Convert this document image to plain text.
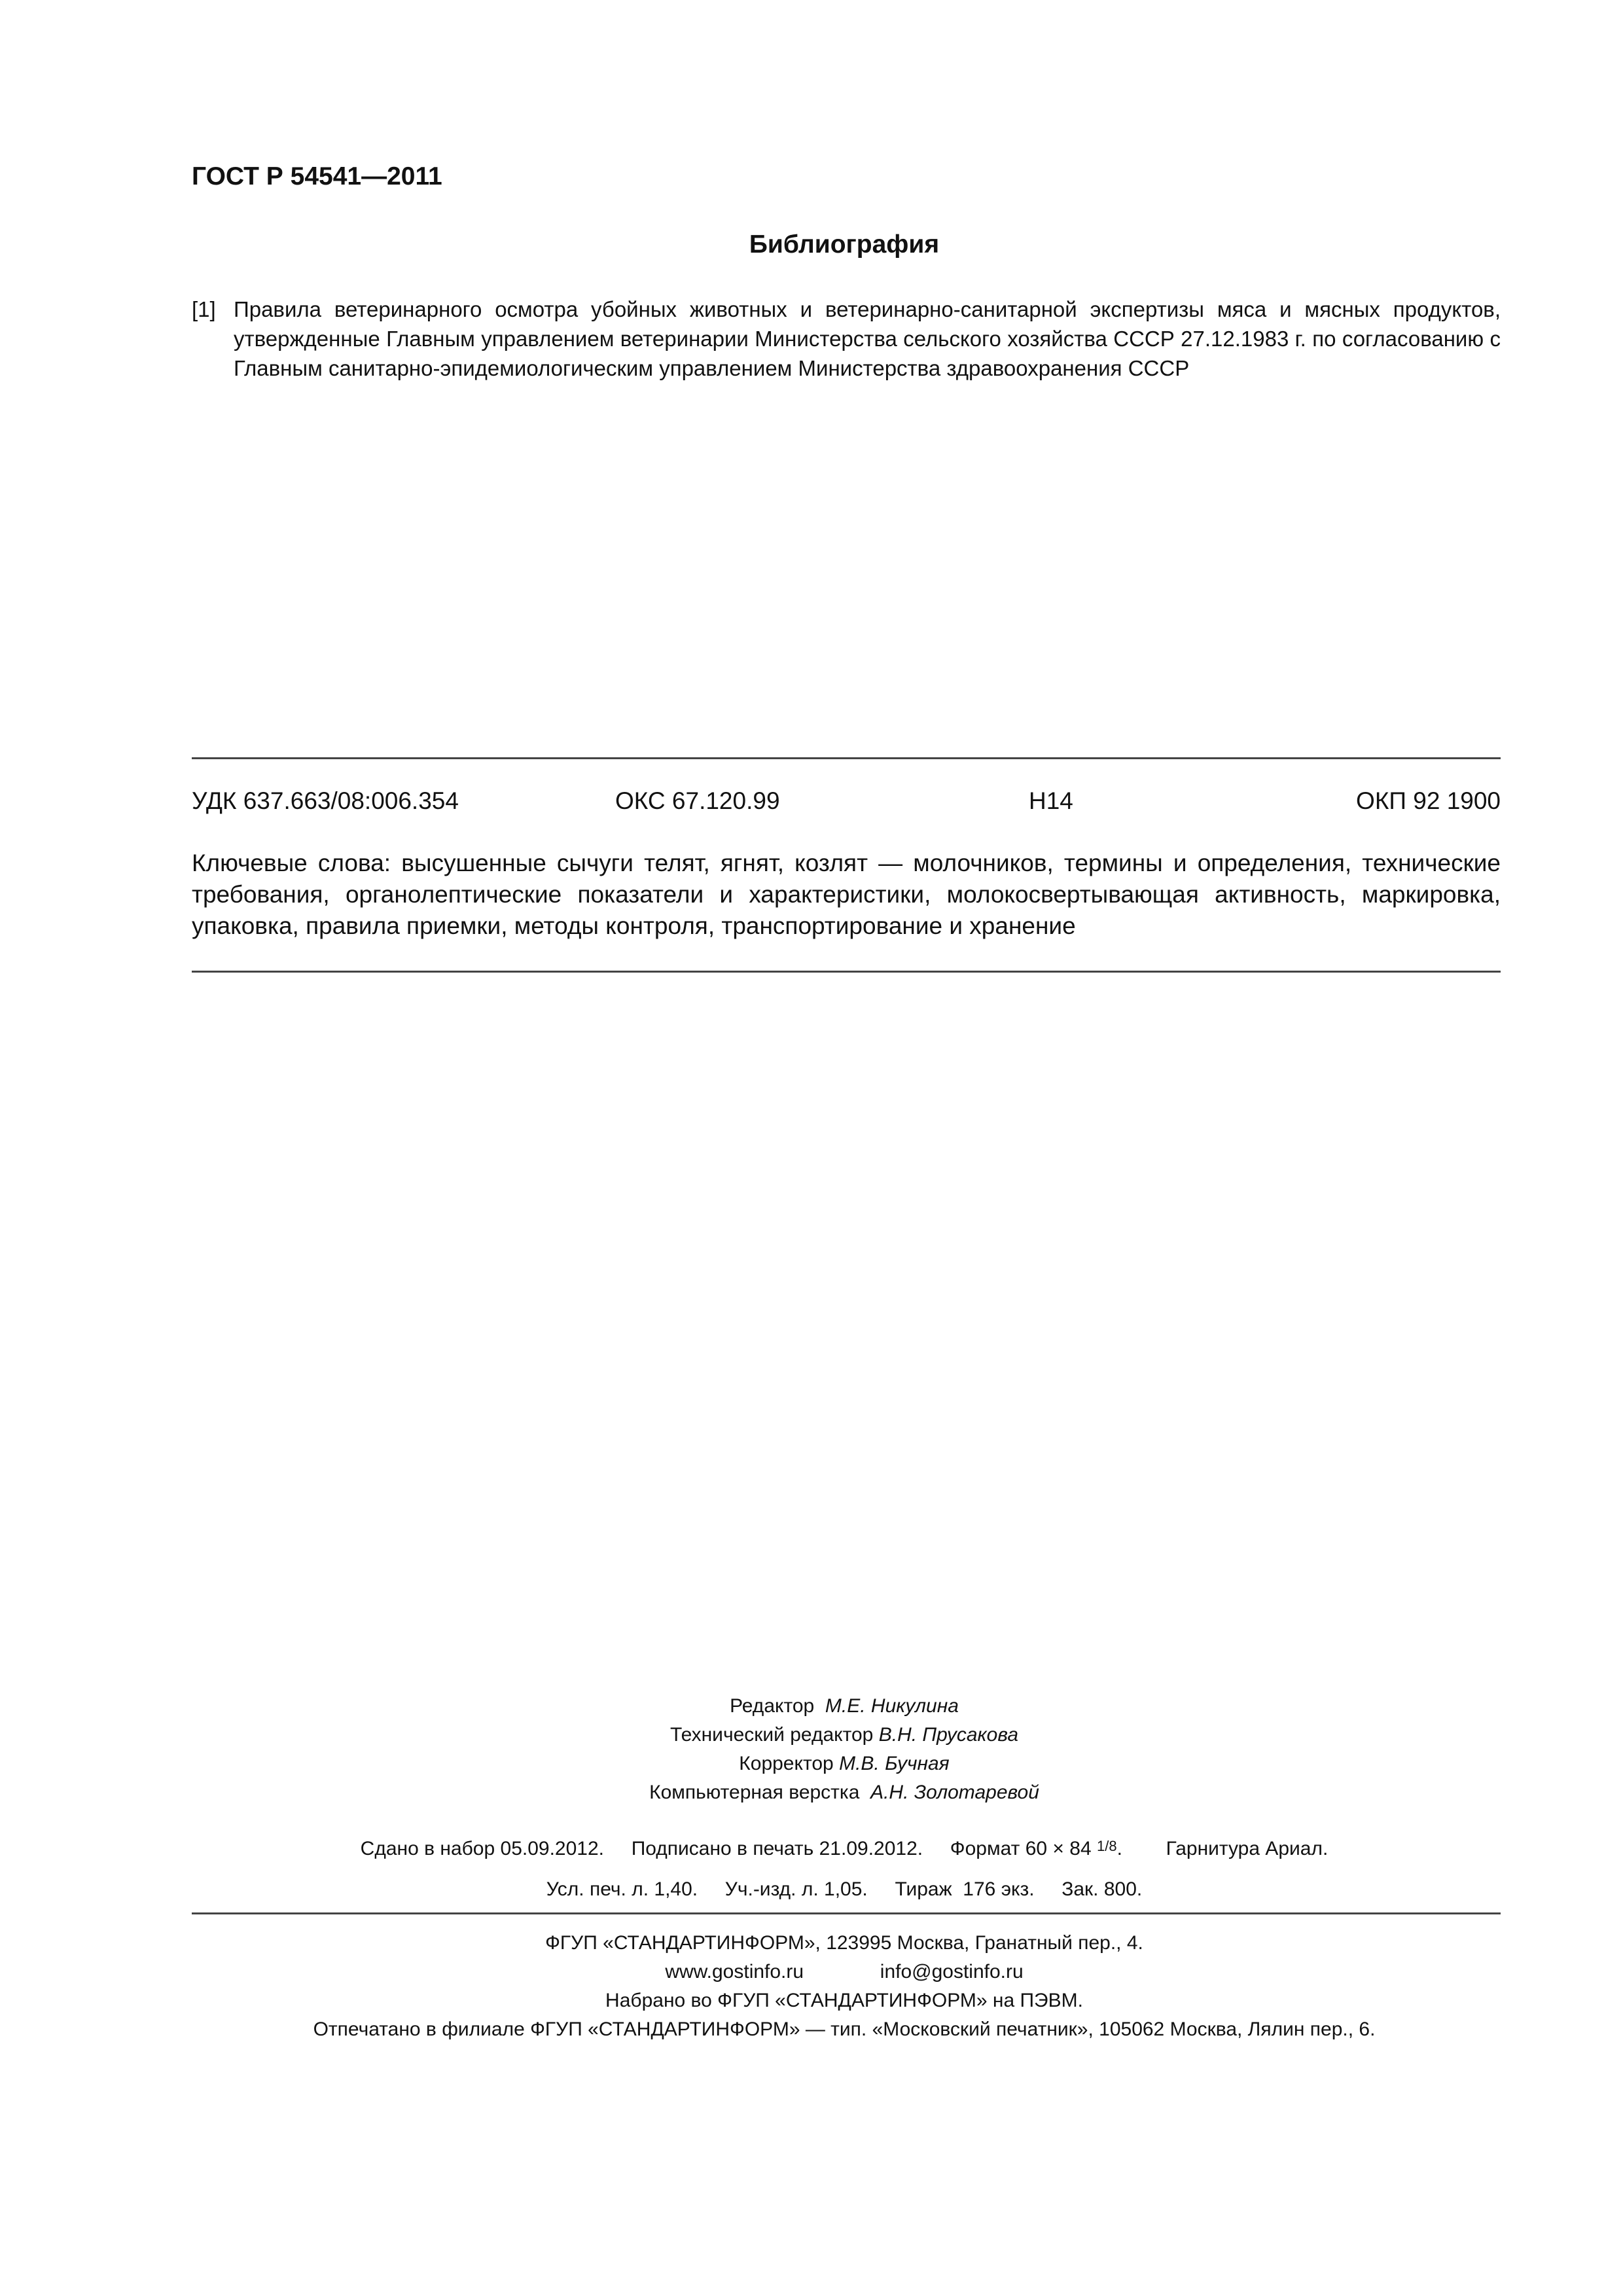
ГОСТ Р 54541—2011
Библиография
[1] Правила ветеринарного осмотра убойных животных и ветеринарно-санитарной экспертизы мяса и мясных продуктов, утвержденные Главным управлением ветеринарии Министерства сельского хозяйства СССР 27.12.1983 г. по согласованию с Главным санитарно-эпидемиологическим управлением Министерства здравоохранения СССР
УДК 637.663/08:006.354	ОКС 67.120.99	Н14	ОКП 92 1900
Ключевые слова: высушенные сычуги телят, ягнят, козлят — молочников, термины и определения, технические требования, органолептические показатели и характеристики, молокосвертывающая активность, маркировка, упаковка, правила приемки, методы контроля, транспортирование и хранение
Редактор М.Е. Никулина
Технический редактор В.Н. Прусакова
Корректор М.В. Бучная
Компьютерная верстка А.Н. Золотаревой
Сдано в набор 05.09.2012. Подписано в печать 21.09.2012. Формат 60 × 84 $^{1/8}$. Гарнитура Ариал.
Усл. печ. л. 1,40. Уч.-изд. л. 1,05. Тираж  176 экз. Зак. 800.
ФГУП «СТАНДАРТИНФОРМ», 123995 Москва, Гранатный пер., 4.
www.gostinfo.ru	info@gostinfo.ru
Набрано во ФГУП «СТАНДАРТИНФОРМ» на ПЭВМ.
Отпечатано в филиале ФГУП «СТАНДАРТИНФОРМ» — тип. «Московский печатник», 105062 Москва, Лялин пер., 6.
